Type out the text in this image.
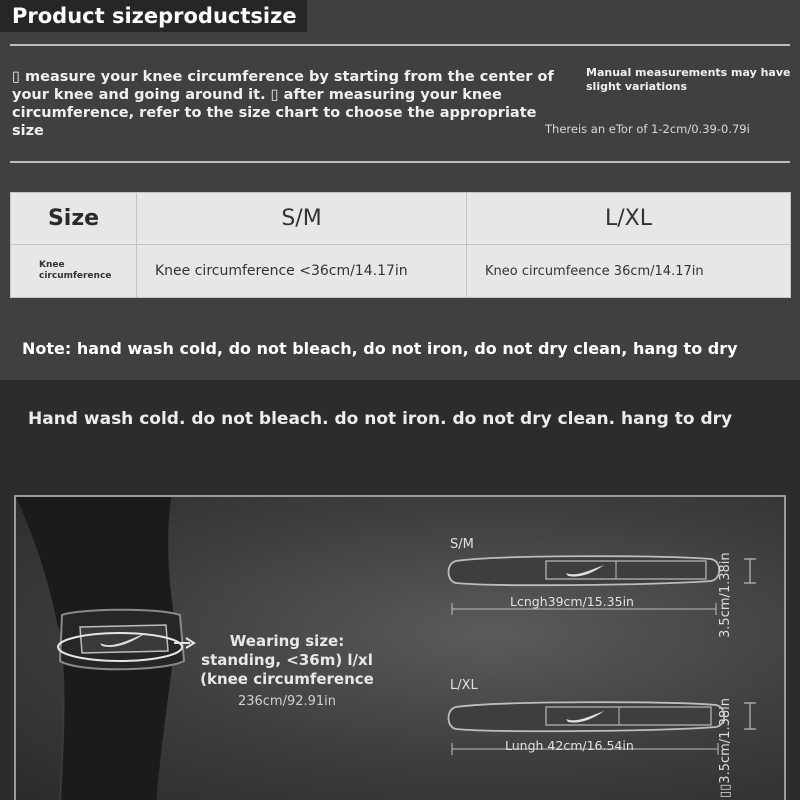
Product sizeproductsize
▯ measure your knee circumference by starting from the center of your knee and going around it. ▯ after measuring your knee circumference, refer to the size chart to choose the appropriate size
Manual measurements may have slight variations
Thereis an eTor of 1-2cm/0.39-0.79i
Size	S/M	L/XL
Knee circumference	Knee circumference <36cm/14.17in	Kneo circumfeence 36cm/14.17in
Note: hand wash cold, do not bleach, do not iron, do not dry clean, hang to dry
Hand wash cold. do not bleach. do not iron. do not dry clean. hang to dry
Wearing size: standing, <36m) l/xl (knee circumference
236cm/92.91in
S/M
Lcngh39cm/15.35in	3.5cm/1.38in
L/XL
Lungh 42cm/16.54in	▯▯3.5cm/1.38in
